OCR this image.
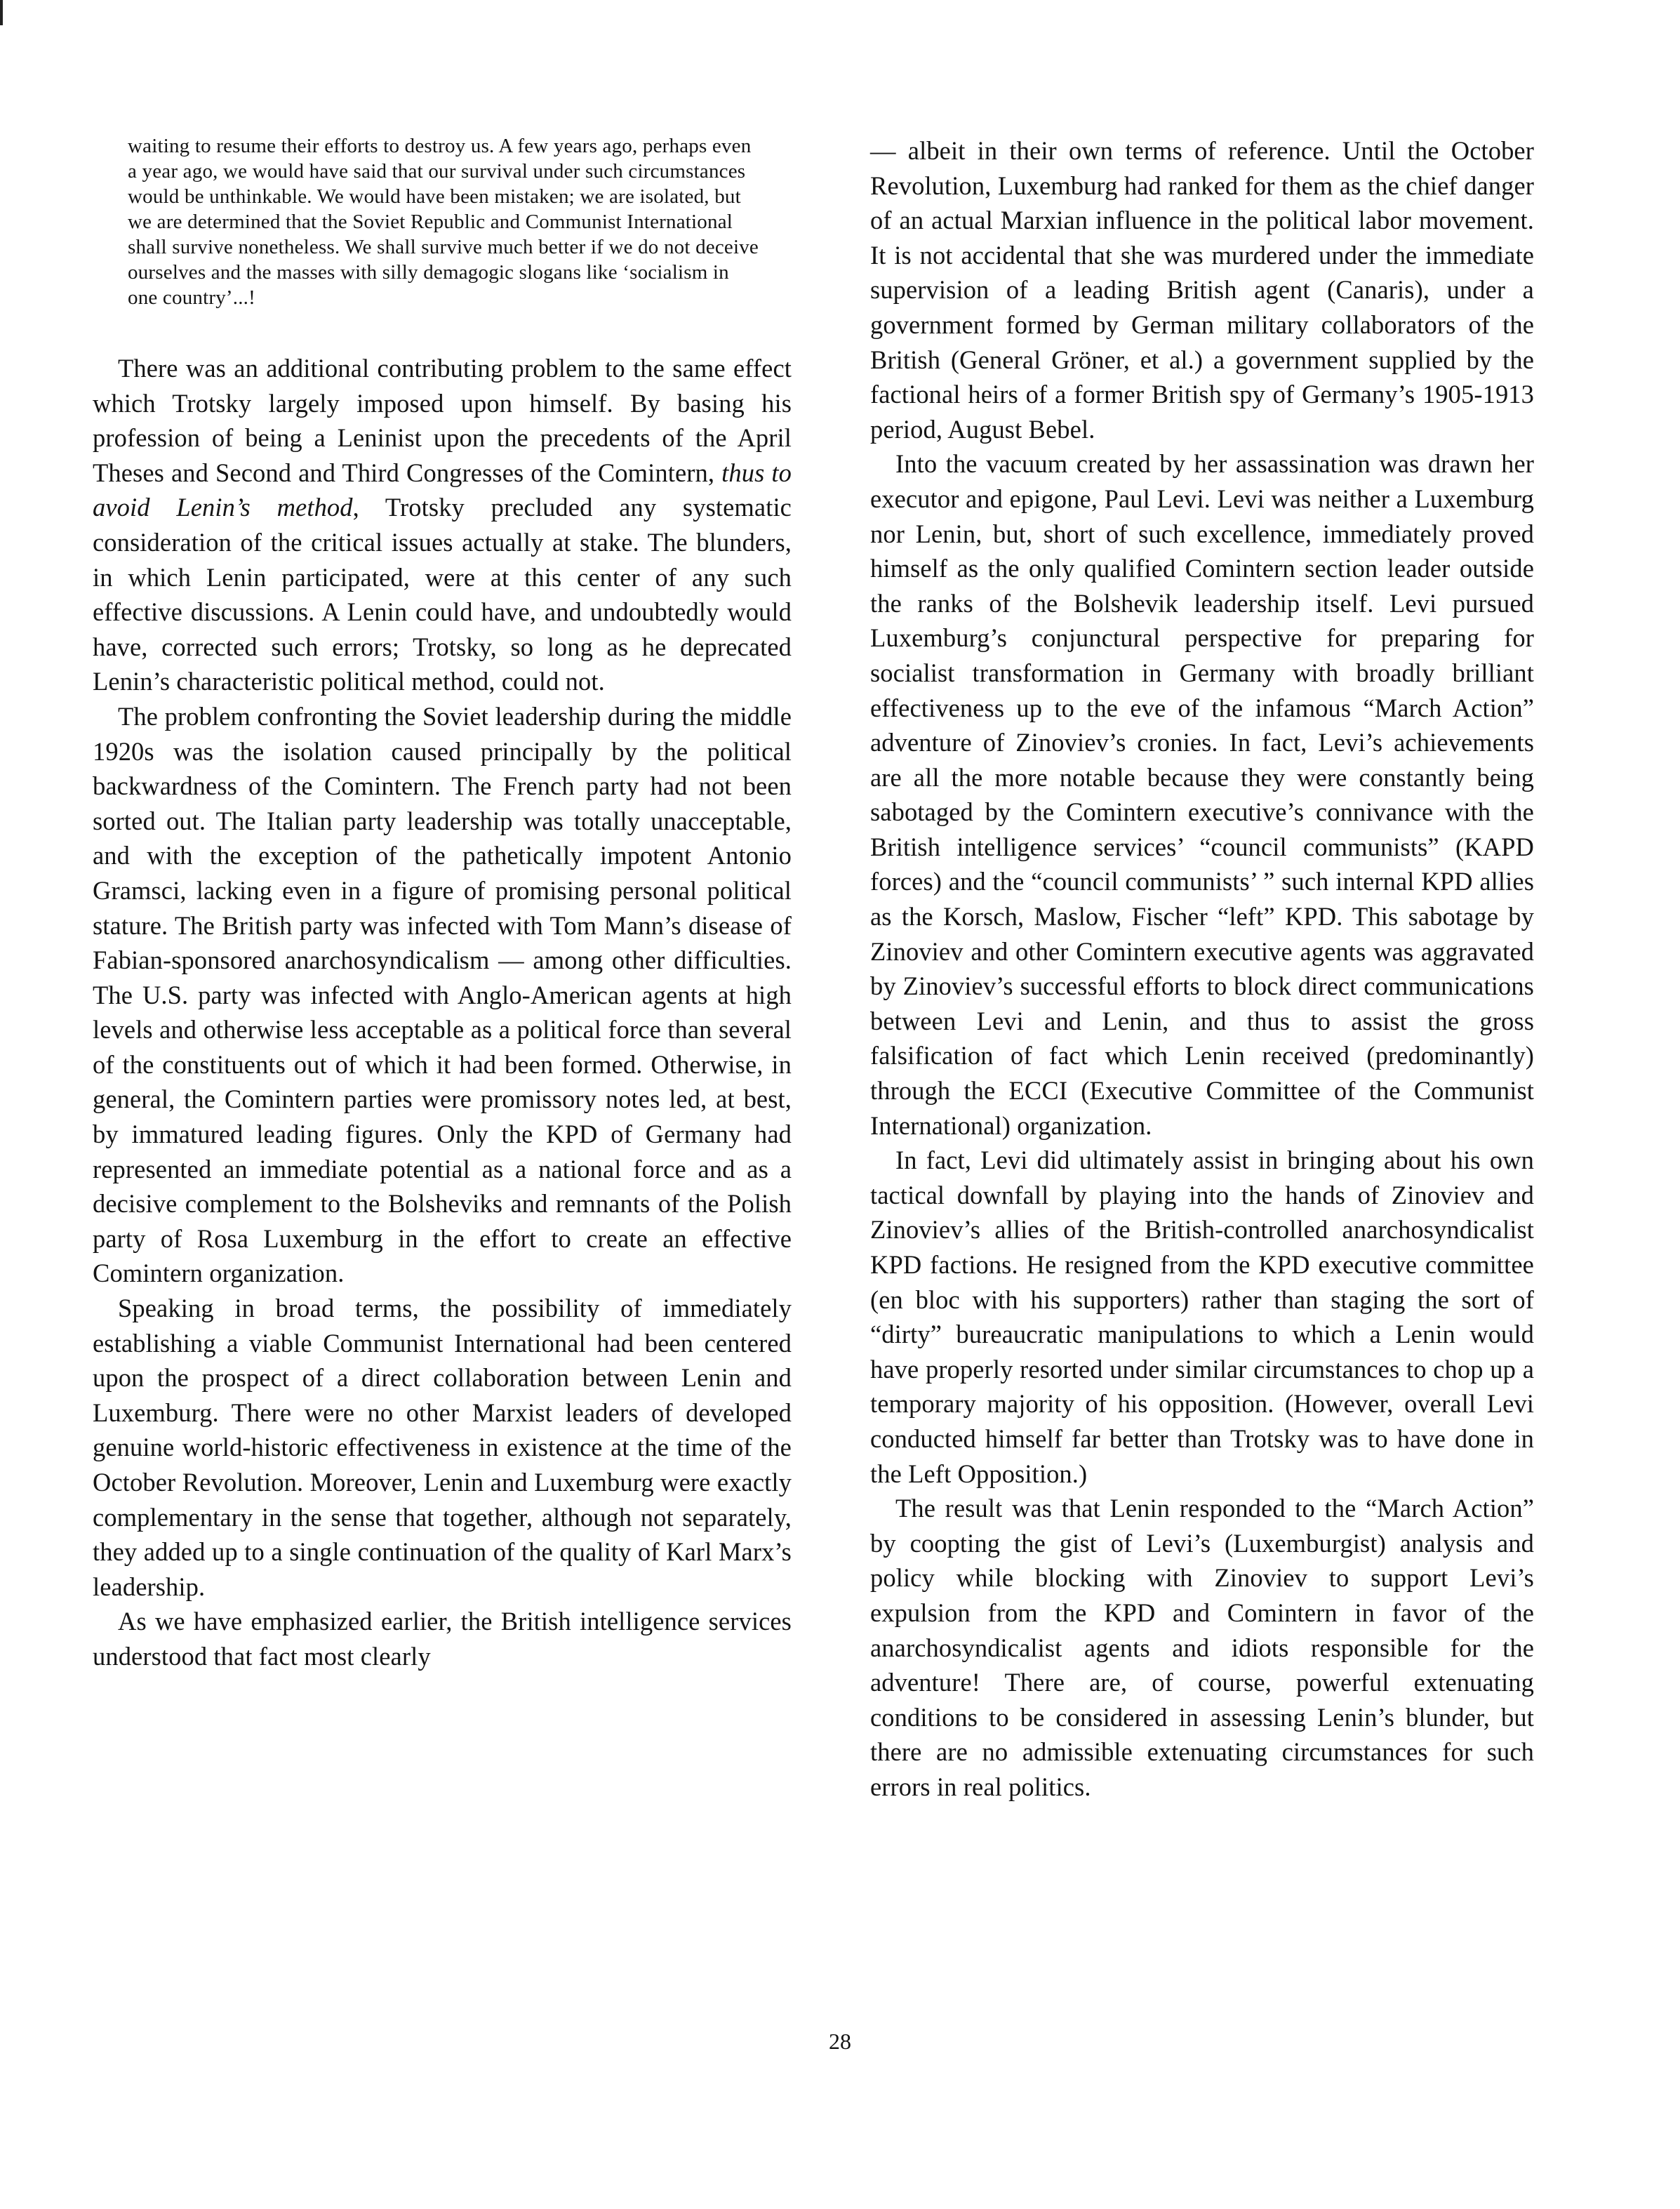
waiting to resume their efforts to destroy us. A few years ago, perhaps even a year ago, we would have said that our survival under such circumstances would be unthinkable. We would have been mistaken; we are isolated, but we are determined that the Soviet Republic and Communist International shall survive nonetheless. We shall survive much better if we do not deceive ourselves and the masses with silly demagogic slogans like ‘socialism in one country’...!

There was an additional contributing problem to the same effect which Trotsky largely imposed upon himself. By basing his profession of being a Leninist upon the precedents of the April Theses and Second and Third Congresses of the Comintern, thus to avoid Lenin’s method, Trotsky precluded any systematic consideration of the critical issues actually at stake. The blunders, in which Lenin participated, were at this center of any such effective discussions. A Lenin could have, and undoubtedly would have, corrected such errors; Trotsky, so long as he deprecated Lenin’s characteristic political method, could not.

The problem confronting the Soviet leadership during the middle 1920s was the isolation caused principally by the political backwardness of the Comintern. The French party had not been sorted out. The Italian party leadership was totally unacceptable, and with the exception of the pathetically impotent Antonio Gramsci, lacking even in a figure of promising personal political stature. The British party was infected with Tom Mann’s disease of Fabian-sponsored anarchosyndicalism — among other difficulties. The U.S. party was infected with Anglo-American agents at high levels and otherwise less acceptable as a political force than several of the constituents out of which it had been formed. Otherwise, in general, the Comintern parties were promissory notes led, at best, by immatured leading figures. Only the KPD of Germany had represented an immediate potential as a national force and as a decisive complement to the Bolsheviks and remnants of the Polish party of Rosa Luxemburg in the effort to create an effective Comintern organization.

Speaking in broad terms, the possibility of immediately establishing a viable Communist International had been centered upon the prospect of a direct collaboration between Lenin and Luxemburg. There were no other Marxist leaders of developed genuine world-historic effectiveness in existence at the time of the October Revolution. Moreover, Lenin and Luxemburg were exactly complementary in the sense that together, although not separately, they added up to a single continuation of the quality of Karl Marx’s leadership.

As we have emphasized earlier, the British intelligence services understood that fact most clearly

— albeit in their own terms of reference. Until the October Revolution, Luxemburg had ranked for them as the chief danger of an actual Marxian influence in the political labor movement. It is not accidental that she was murdered under the immediate supervision of a leading British agent (Canaris), under a government formed by German military collaborators of the British (General Gröner, et al.) a government supplied by the factional heirs of a former British spy of Germany’s 1905-1913 period, August Bebel.

Into the vacuum created by her assassination was drawn her executor and epigone, Paul Levi. Levi was neither a Luxemburg nor Lenin, but, short of such excellence, immediately proved himself as the only qualified Comintern section leader outside the ranks of the Bolshevik leadership itself. Levi pursued Luxemburg’s conjunctural perspective for preparing for socialist transformation in Germany with broadly brilliant effectiveness up to the eve of the infamous “March Action” adventure of Zinoviev’s cronies. In fact, Levi’s achievements are all the more notable because they were constantly being sabotaged by the Comintern executive’s connivance with the British intelligence services’ “council communists” (KAPD forces) and the “council communists’ ” such internal KPD allies as the Korsch, Maslow, Fischer “left” KPD. This sabotage by Zinoviev and other Comintern executive agents was aggravated by Zinoviev’s successful efforts to block direct communications between Levi and Lenin, and thus to assist the gross falsification of fact which Lenin received (predominantly) through the ECCI (Executive Committee of the Communist International) organization.

In fact, Levi did ultimately assist in bringing about his own tactical downfall by playing into the hands of Zinoviev and Zinoviev’s allies of the British-controlled anarchosyndicalist KPD factions. He resigned from the KPD executive committee (en bloc with his supporters) rather than staging the sort of “dirty” bureaucratic manipulations to which a Lenin would have properly resorted under similar circumstances to chop up a temporary majority of his opposition. (However, overall Levi conducted himself far better than Trotsky was to have done in the Left Opposition.)

The result was that Lenin responded to the “March Action” by coopting the gist of Levi’s (Luxemburgist) analysis and policy while blocking with Zinoviev to support Levi’s expulsion from the KPD and Comintern in favor of the anarchosyndicalist agents and idiots responsible for the adventure! There are, of course, powerful extenuating conditions to be considered in assessing Lenin’s blunder, but there are no admissible extenuating circumstances for such errors in real politics.

28
